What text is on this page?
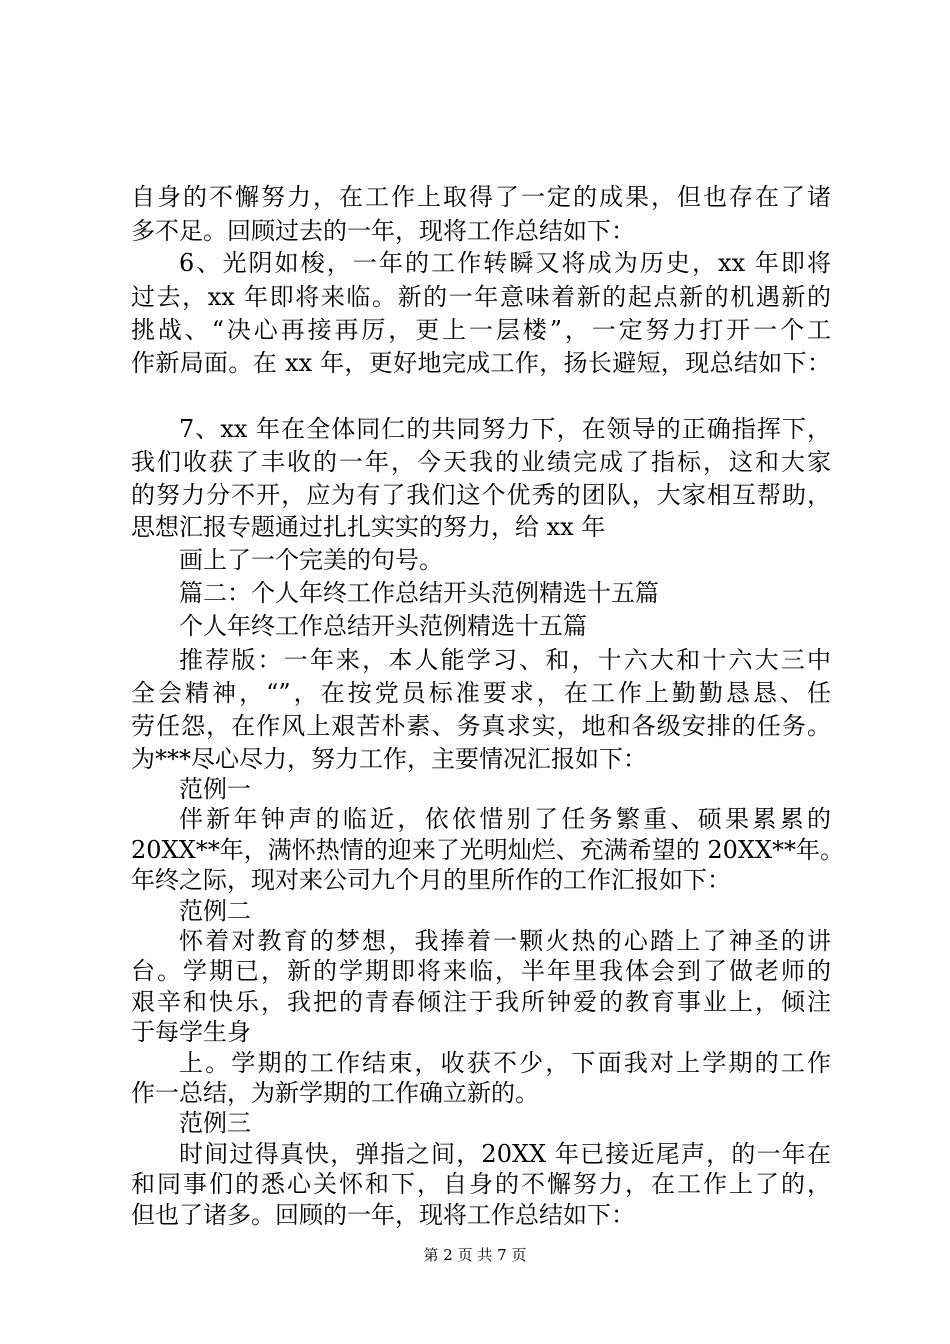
自身的不懈努力，在工作上取得了一定的成果，但也存在了诸
多不足。回顾过去的一年，现将工作总结如下：
6、光阴如梭，一年的工作转瞬又将成为历史，xx 年即将
过去，xx 年即将来临。新的一年意味着新的起点新的机遇新的
挑战、“决心再接再厉，更上一层楼”，一定努力打开一个工
作新局面。在 xx 年，更好地完成工作，扬长避短，现总结如下：
7、xx 年在全体同仁的共同努力下，在领导的正确指挥下，
我们收获了丰收的一年，今天我的业绩完成了指标，这和大家
的努力分不开，应为有了我们这个优秀的团队，大家相互帮助，
思想汇报专题通过扎扎实实的努力，给 xx 年
画上了一个完美的句号。
篇二：个人年终工作总结开头范例精选十五篇
个人年终工作总结开头范例精选十五篇
推荐版：一年来，本人能学习、和，十六大和十六大三中
全会精神，“”，在按党员标准要求，在工作上勤勤恳恳、任
劳任怨，在作风上艰苦朴素、务真求实，地和各级安排的任务。
为***尽心尽力，努力工作，主要情况汇报如下：
范例一
伴新年钟声的临近，依依惜别了任务繁重、硕果累累的
20XX**年，满怀热情的迎来了光明灿烂、充满希望的 20XX**年。
年终之际，现对来公司九个月的里所作的工作汇报如下：
范例二
怀着对教育的梦想，我捧着一颗火热的心踏上了神圣的讲
台。学期已，新的学期即将来临，半年里我体会到了做老师的
艰辛和快乐，我把的青春倾注于我所钟爱的教育事业上，倾注
于每学生身
上。学期的工作结束，收获不少，下面我对上学期的工作
作一总结，为新学期的工作确立新的。
范例三
时间过得真快，弹指之间，20XX 年已接近尾声，的一年在
和同事们的悉心关怀和下，自身的不懈努力，在工作上了的，
但也了诸多。回顾的一年，现将工作总结如下：
第 2 页 共 7 页
